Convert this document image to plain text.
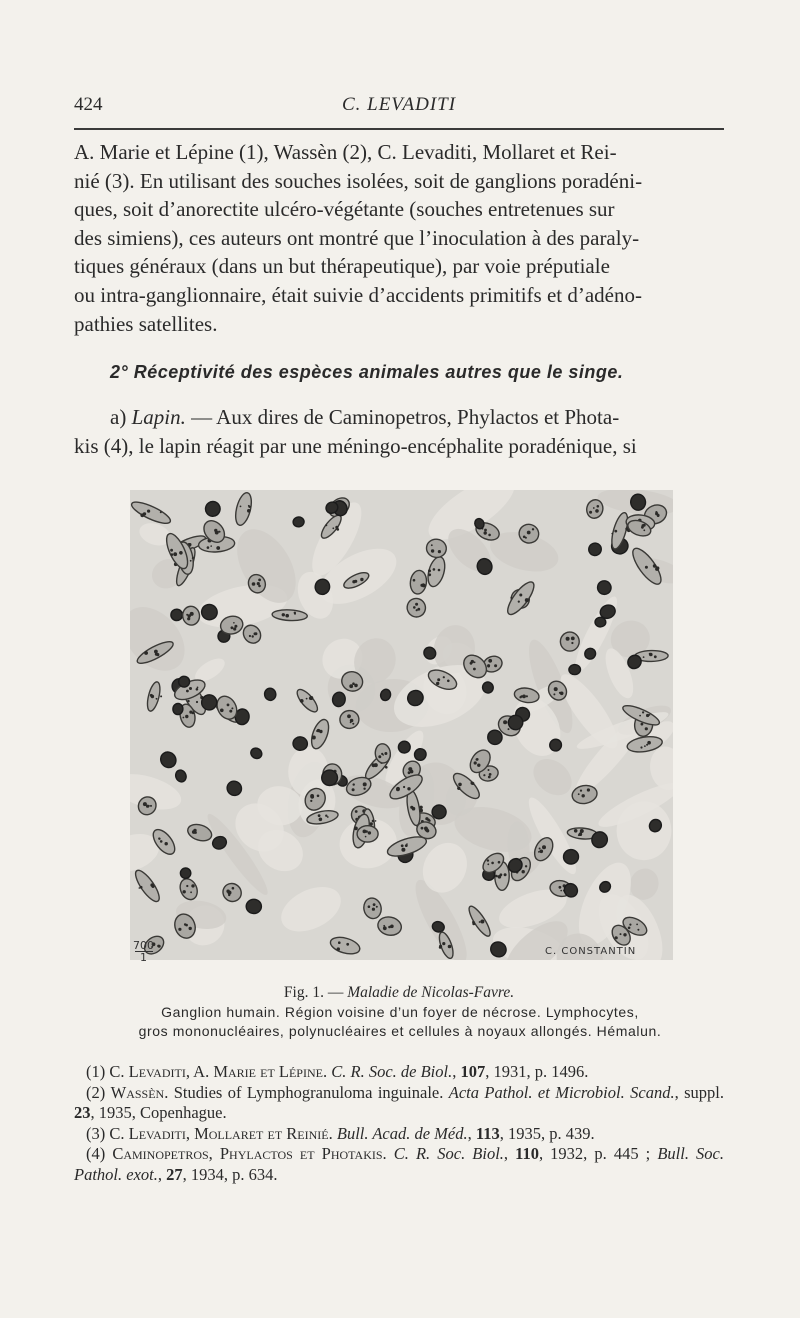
424	C. LEVADITI

A. Marie et Lépine (1), Wassèn (2), C. Levaditi, Mollaret et Rei-

nié (3). En utilisant des souches isolées, soit de ganglions poradéni-

ques, soit d’anorectite ulcéro-végétante (souches entretenues sur

des simiens), ces auteurs ont montré que l’inoculation à des paraly-

tiques généraux (dans un but thérapeutique), par voie préputiale

ou intra-ganglionnaire, était suivie d’accidents primitifs et d’adéno-

pathies satellites.

2° Réceptivité des espèces animales autres que le singe.

a) Lapin. — Aux dires de Caminopetros, Phylactos et Phota-

kis (4), le lapin réagit par une méningo-encéphalite poradénique, si

700
1	C. CONSTANTIN
Fig. 1. — Maladie de Nicolas-Favre.

Ganglion humain. Région voisine d’un foyer de nécrose. Lymphocytes,

gros mononucléaires, polynucléaires et cellules à noyaux allongés. Hémalun.

(1) C. Levaditi, A. Marie et Lépine. C. R. Soc. de Biol., 107, 1931, p. 1496.

(2) Wassèn. Studies of Lymphogranuloma inguinale. Acta Pathol. et Microbiol. Scand., suppl. 23, 1935, Copenhague.

(3) C. Levaditi, Mollaret et Reinié. Bull. Acad. de Méd., 113, 1935, p. 439.

(4) Caminopetros, Phylactos et Photakis. C. R. Soc. Biol., 110, 1932, p. 445 ; Bull. Soc. Pathol. exot., 27, 1934, p. 634.
